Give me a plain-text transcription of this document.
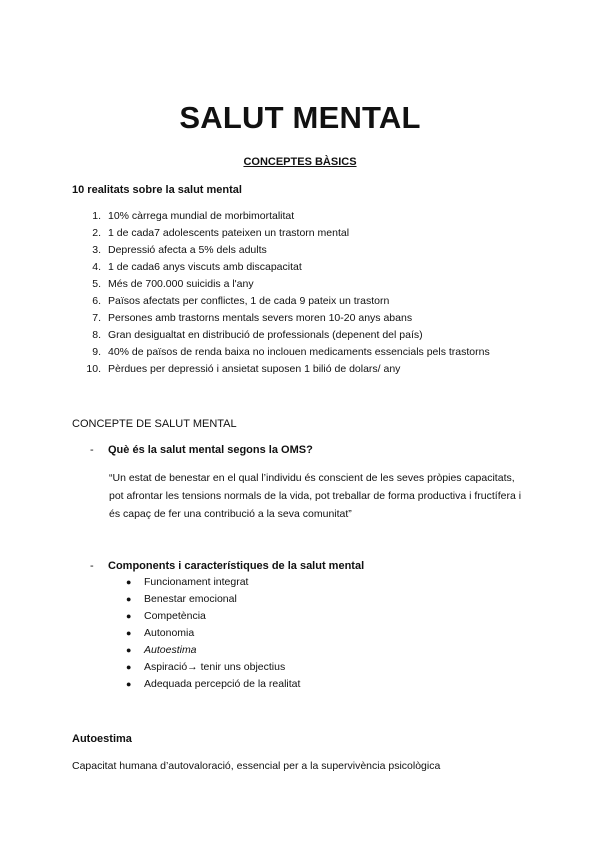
SALUT MENTAL
CONCEPTES BÀSICS
10 realitats sobre la salut mental
1. 10% càrrega mundial de morbimortalitat
2. 1 de cada7 adolescents pateixen un trastorn mental
3. Depressió afecta a 5% dels adults
4. 1 de cada6 anys viscuts amb discapacitat
5. Més de 700.000 suicidis a l'any
6. Països afectats per conflictes, 1 de cada 9 pateix un trastorn
7. Persones amb trastorns mentals severs moren 10-20 anys abans
8. Gran desigualtat en distribució de professionals (depenent del país)
9. 40% de països de renda baixa no inclouen medicaments essencials pels trastorns
10. Pèrdues per depressió i ansietat suposen 1 bilió de dolars/ any
CONCEPTE DE SALUT MENTAL
- Què és la salut mental segons la OMS?
“Un estat de benestar en el qual l’individu és conscient de les seves pròpies capacitats, pot afrontar les tensions normals de la vida, pot treballar de forma productiva i fructífera i és capaç de fer una contribució a la seva comunitat”
- Components i característiques de la salut mental
● Funcionament integrat
● Benestar emocional
● Competència
● Autonomia
● Autoestima
● Aspiració→ tenir uns objectius
● Adequada percepció de la realitat
Autoestima
Capacitat humana d’autovaloració, essencial per a la supervivència psicològica
